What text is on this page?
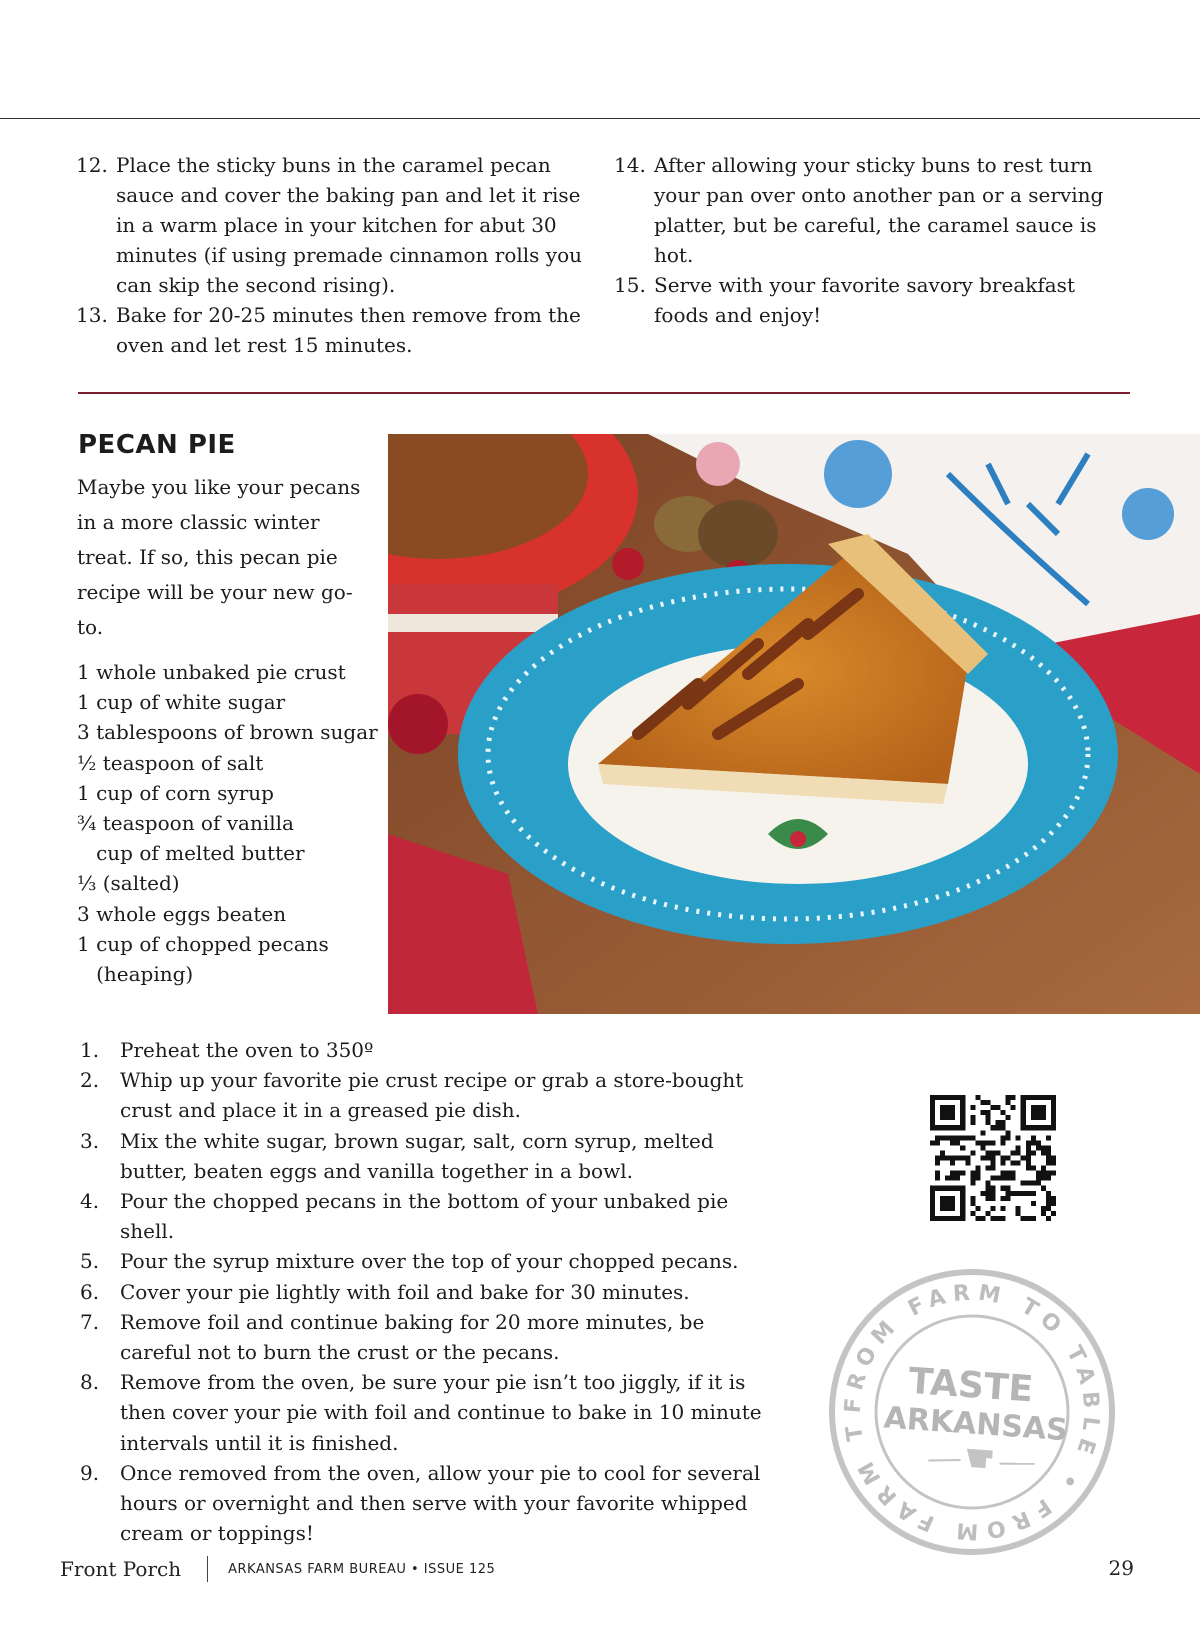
12. Place the sticky buns in the caramel pecan sauce and cover the baking pan and let it rise in a warm place in your kitchen for abut 30 minutes (if using premade cinnamon rolls you can skip the second rising).
13. Bake for 20-25 minutes then remove from the oven and let rest 15 minutes.
14. After allowing your sticky buns to rest turn your pan over onto another pan or a serving platter, but be careful, the caramel sauce is hot.
15. Serve with your favorite savory breakfast foods and enjoy!
PECAN PIE

Maybe you like your pecans in a more classic winter treat. If so, this pecan pie recipe will be your new go-to.

1 whole unbaked pie crust
1 cup of white sugar
3 tablespoons of brown sugar
½ teaspoon of salt
1 cup of corn syrup
¾ teaspoon of vanilla
cup of melted butter
⅓ (salted)
3 whole eggs beaten
1 cup of chopped pecans
(heaping)
1.	Preheat the oven to 350º
2.	Whip up your favorite pie crust recipe or grab a store-bought crust and place it in a greased pie dish.
3.	Mix the white sugar, brown sugar, salt, corn syrup, melted butter, beaten eggs and vanilla together in a bowl.
4.	Pour the chopped pecans in the bottom of your unbaked pie shell.
5.	Pour the syrup mixture over the top of your chopped pecans.
6.	Cover your pie lightly with foil and bake for 30 minutes.
7.	Remove foil and continue baking for 20 more minutes, be careful not to burn the crust or the pecans.
8.	Remove from the oven, be sure your pie isn’t too jiggly, if it is then cover your pie with foil and continue to bake in 10 minute intervals until it is finished.
9.	Once removed from the oven, allow your pie to cool for several hours or overnight and then serve with your favorite whipped cream or toppings!
FROM FARM TO TABLE • FROM FARM TO
TASTE
ARKANSAS
Front Porch	ARKANSAS FARM BUREAU • ISSUE 125	29
